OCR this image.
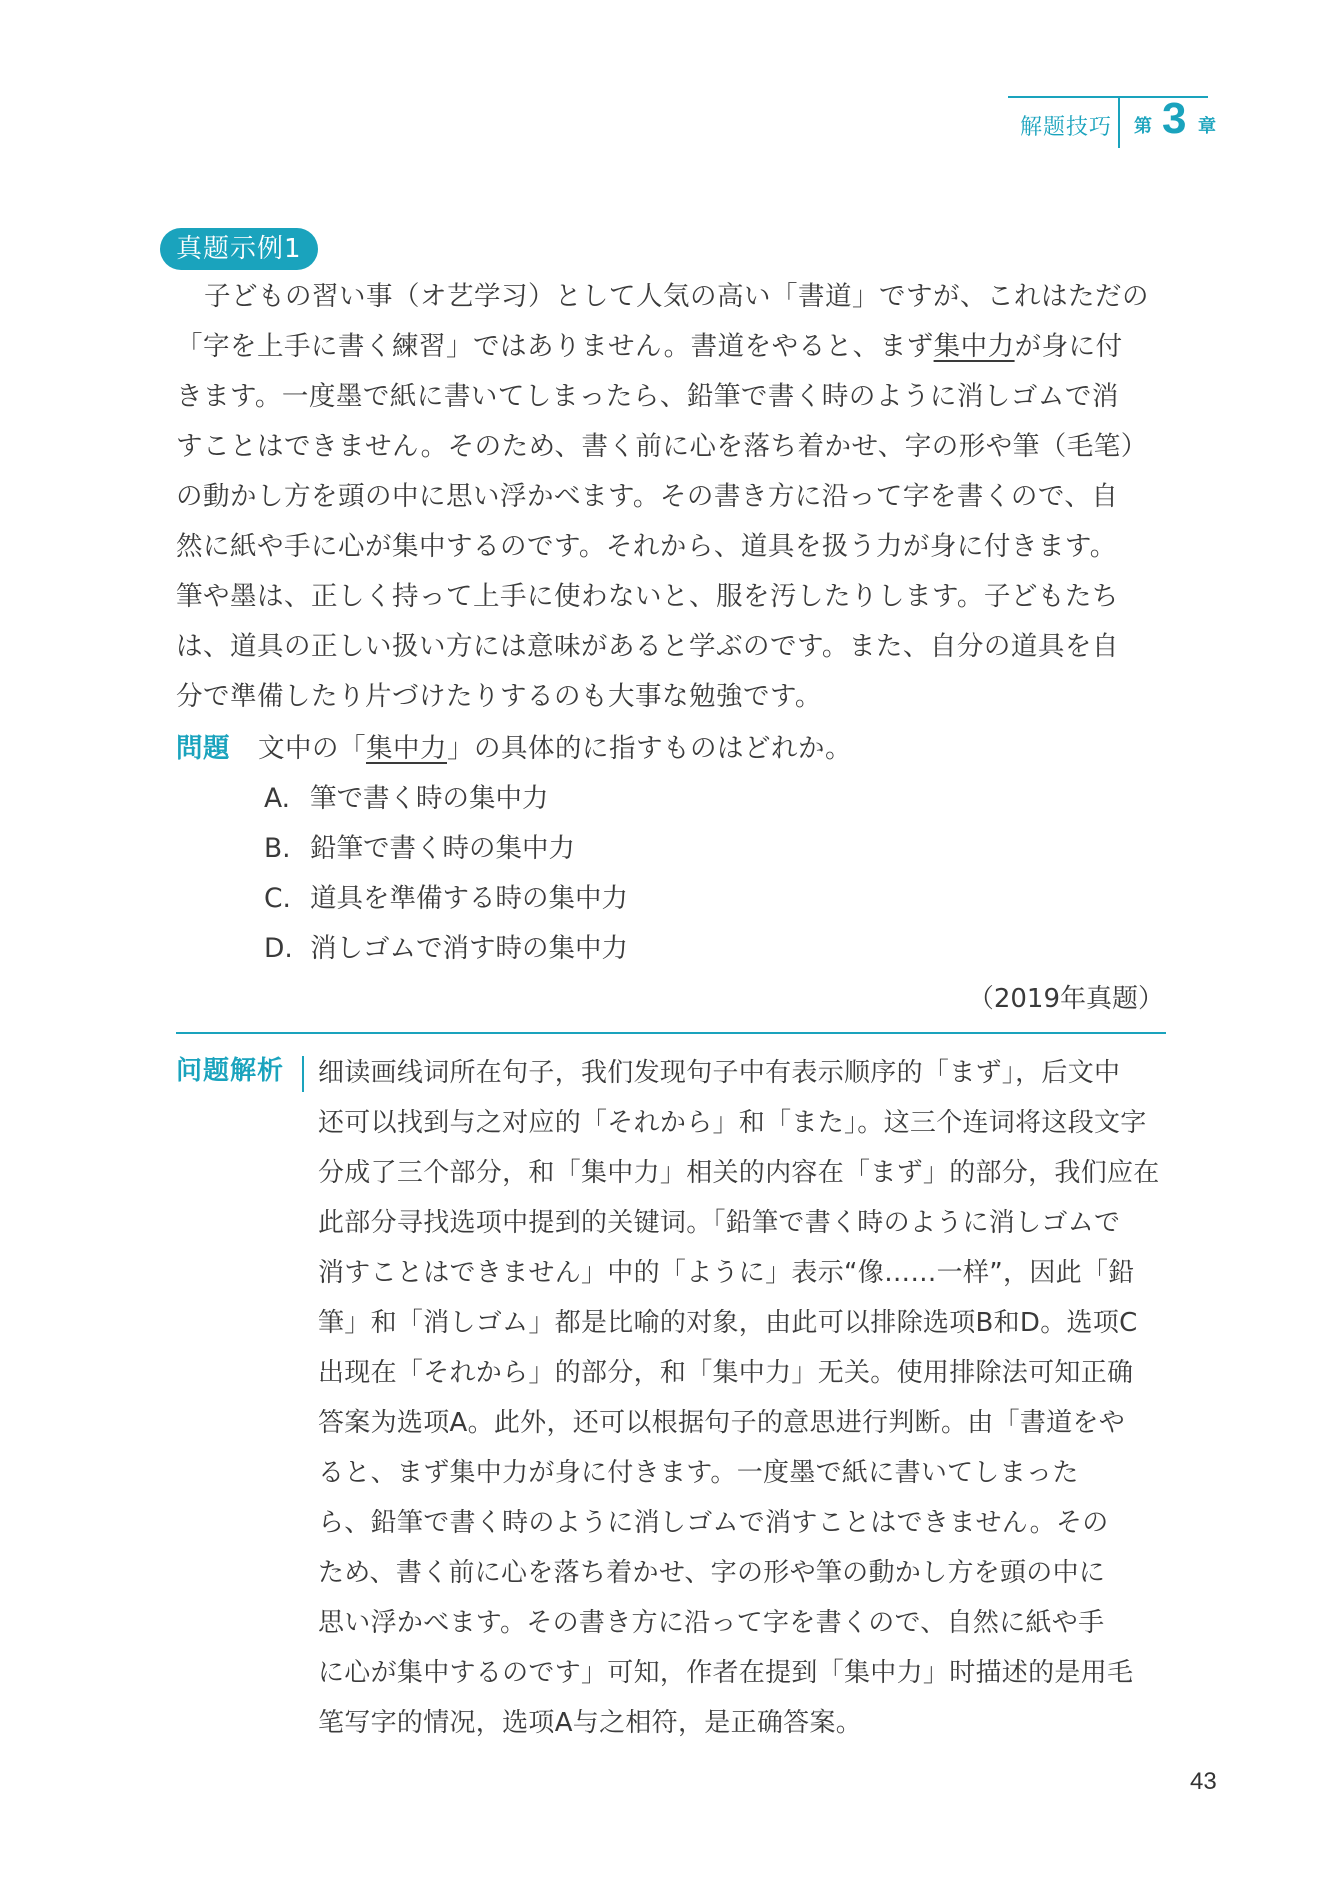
解题技巧 第 3 章
真题示例1
子どもの習い事（オ艺学习）として人気の高い「書道」ですが、これはただの
「字を上手に書く練習」ではありません。書道をやると、まず集中力が身に付
きます。一度墨で紙に書いてしまったら、鉛筆で書く時のように消しゴムで消
すことはできません。そのため、書く前に心を落ち着かせ、字の形や筆（毛笔）
の動かし方を頭の中に思い浮かべます。その書き方に沿って字を書くので、自
然に紙や手に心が集中するのです。それから、道具を扱う力が身に付きます。
筆や墨は、正しく持って上手に使わないと、服を汚したりします。子どもたち
は、道具の正しい扱い方には意味があると学ぶのです。また、自分の道具を自
分で準備したり片づけたりするのも大事な勉強です。
問題 文中の「集中力」の具体的に指すものはどれか。
A. 筆で書く時の集中力
B. 鉛筆で書く時の集中力
C. 道具を準備する時の集中力
D. 消しゴムで消す時の集中力
（2019年真题）
问题解析 细读画线词所在句子，我们发现句子中有表示顺序的「まず」，后文中
还可以找到与之对应的「それから」和「また」。这三个连词将这段文字
分成了三个部分，和「集中力」相关的内容在「まず」的部分，我们应在
此部分寻找选项中提到的关键词。「鉛筆で書く時のように消しゴムで
消すことはできません」中的「ように」表示“像……一样”，因此「鉛
筆」和「消しゴム」都是比喻的对象，由此可以排除选项B和D。选项C
出现在「それから」的部分，和「集中力」无关。使用排除法可知正确
答案为选项A。此外，还可以根据句子的意思进行判断。由「書道をや
ると、まず集中力が身に付きます。一度墨で紙に書いてしまった
ら、鉛筆で書く時のように消しゴムで消すことはできません。その
ため、書く前に心を落ち着かせ、字の形や筆の動かし方を頭の中に
思い浮かべます。その書き方に沿って字を書くので、自然に紙や手
に心が集中するのです」可知，作者在提到「集中力」时描述的是用毛
笔写字的情况，选项A与之相符，是正确答案。
43
